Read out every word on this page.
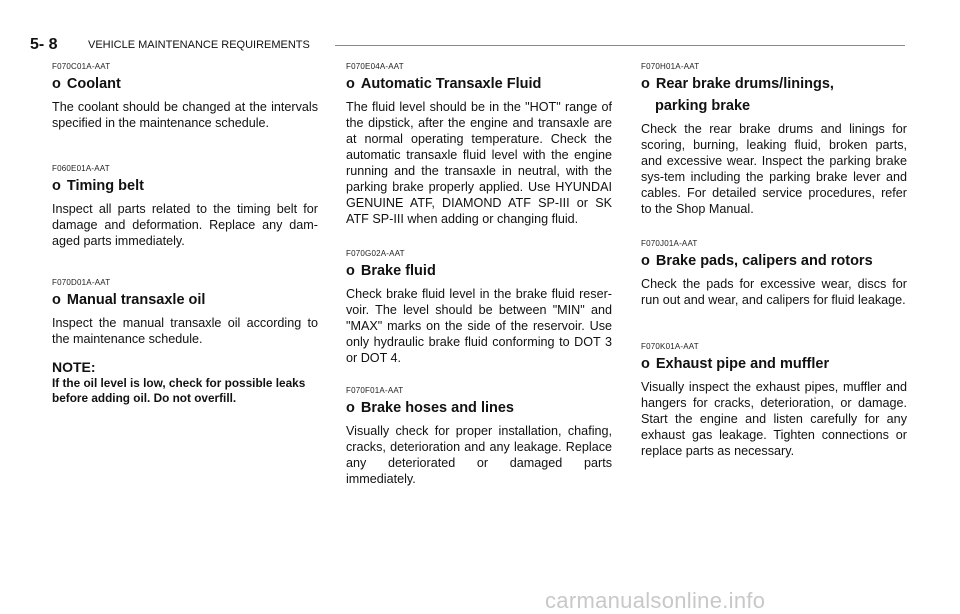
5- 8	VEHICLE MAINTENANCE REQUIREMENTS
F070C01A-AAT
o Coolant
The coolant should be changed at the intervals specified in the maintenance schedule.
F060E01A-AAT
o Timing belt
Inspect all parts related to the timing belt for damage and deformation. Replace any dam-aged parts immediately.
F070D01A-AAT
o Manual transaxle oil
Inspect the manual transaxle oil according to the maintenance schedule.
NOTE:
If the oil level is low, check for possible leaks before adding oil. Do not overfill.
F070E04A-AAT
o Automatic Transaxle Fluid
The fluid level should be in the "HOT" range of the dipstick, after the engine and transaxle are at normal operating temperature. Check the automatic transaxle fluid level with the engine running and the transaxle in neutral, with the parking brake properly applied. Use HYUNDAI GENUINE ATF, DIAMOND ATF SP-III or SK ATF SP-III when adding or changing fluid.
F070G02A-AAT
o Brake fluid
Check brake fluid level in the brake fluid reser-voir. The level should be between "MIN" and "MAX" marks on the side of the reservoir. Use only hydraulic brake fluid conforming to DOT 3 or DOT 4.
F070F01A-AAT
o Brake hoses and lines
Visually check for proper installation, chafing, cracks, deterioration and any leakage. Replace any deteriorated or damaged parts immediately.
F070H01A-AAT
o Rear brake drums/linings,
parking brake
Check the rear brake drums and linings for scoring, burning, leaking fluid, broken parts, and excessive wear. Inspect the parking brake sys-tem including the parking brake lever and cables. For detailed service procedures, refer to the Shop Manual.
F070J01A-AAT
o Brake pads, calipers and rotors
Check the pads for excessive wear, discs for run out and wear, and calipers for fluid leakage.
F070K01A-AAT
o Exhaust pipe and muffler
Visually inspect the exhaust pipes, muffler and hangers for cracks, deterioration, or damage. Start the engine and listen carefully for any exhaust gas leakage. Tighten connections or replace parts as necessary.
carmanualsonline.info
